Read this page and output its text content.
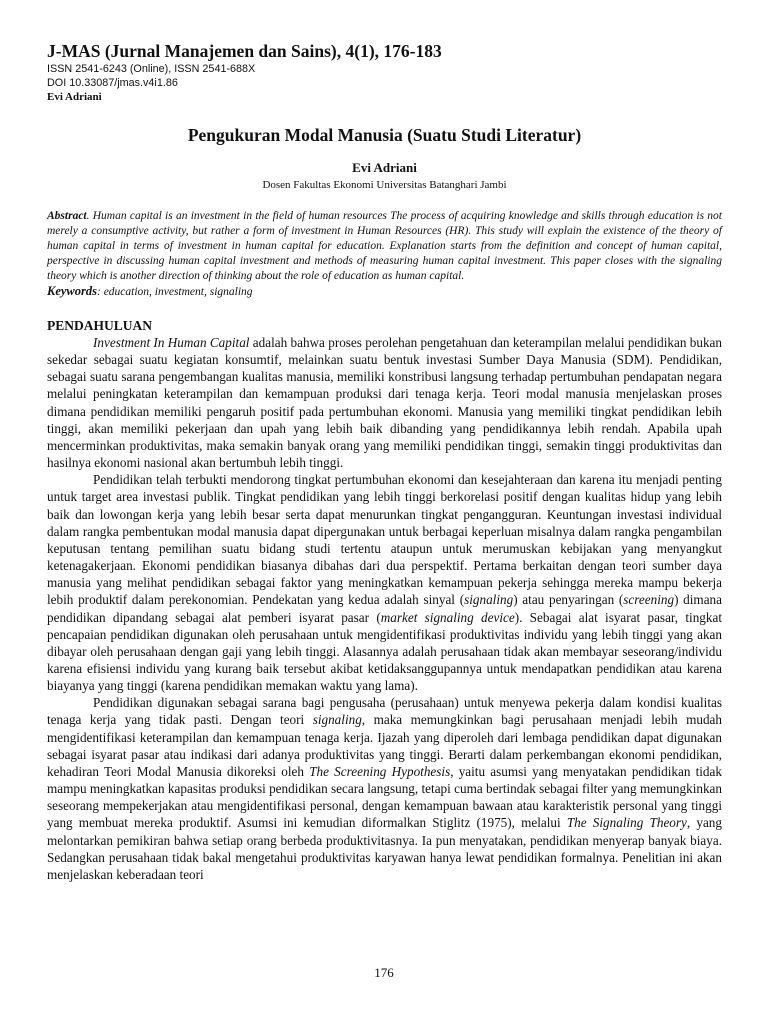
J-MAS (Jurnal Manajemen dan Sains), 4(1), 176-183
ISSN 2541-6243 (Online), ISSN 2541-688X
DOI 10.33087/jmas.v4i1.86
Evi Adriani
Pengukuran Modal Manusia (Suatu Studi Literatur)
Evi Adriani
Dosen Fakultas Ekonomi Universitas Batanghari Jambi
Abstract. Human capital is an investment in the field of human resources The process of acquiring knowledge and skills through education is not merely a consumptive activity, but rather a form of investment in Human Resources (HR). This study will explain the existence of the theory of human capital in terms of investment in human capital for education. Explanation starts from the definition and concept of human capital, perspective in discussing human capital investment and methods of measuring human capital investment. This paper closes with the signaling theory which is another direction of thinking about the role of education as human capital.
Keywords: education, investment, signaling
PENDAHULUAN

Investment In Human Capital adalah bahwa proses perolehan pengetahuan dan keterampilan melalui pendidikan bukan sekedar sebagai suatu kegiatan konsumtif, melainkan suatu bentuk investasi Sumber Daya Manusia (SDM). Pendidikan, sebagai suatu sarana pengembangan kualitas manusia, memiliki konstribusi langsung terhadap pertumbuhan pendapatan negara melalui peningkatan keterampilan dan kemampuan produksi dari tenaga kerja. Teori modal manusia menjelaskan proses dimana pendidikan memiliki pengaruh positif pada pertumbuhan ekonomi. Manusia yang memiliki tingkat pendidikan lebih tinggi, akan memiliki pekerjaan dan upah yang lebih baik dibanding yang pendidikannya lebih rendah. Apabila upah mencerminkan produktivitas, maka semakin banyak orang yang memiliki pendidikan tinggi, semakin tinggi produktivitas dan hasilnya ekonomi nasional akan bertumbuh lebih tinggi.

Pendidikan telah terbukti mendorong tingkat pertumbuhan ekonomi dan kesejahteraan dan karena itu menjadi penting untuk target area investasi publik. Tingkat pendidikan yang lebih tinggi berkorelasi positif dengan kualitas hidup yang lebih baik dan lowongan kerja yang lebih besar serta dapat menurunkan tingkat pengangguran. Keuntungan investasi individual dalam rangka pembentukan modal manusia dapat dipergunakan untuk berbagai keperluan misalnya dalam rangka pengambilan keputusan tentang pemilihan suatu bidang studi tertentu ataupun untuk merumuskan kebijakan yang menyangkut ketenagakerjaan. Ekonomi pendidikan biasanya dibahas dari dua perspektif. Pertama berkaitan dengan teori sumber daya manusia yang melihat pendidikan sebagai faktor yang meningkatkan kemampuan pekerja sehingga mereka mampu bekerja lebih produktif dalam perekonomian. Pendekatan yang kedua adalah sinyal (signaling) atau penyaringan (screening) dimana pendidikan dipandang sebagai alat pemberi isyarat pasar (market signaling device). Sebagai alat isyarat pasar, tingkat pencapaian pendidikan digunakan oleh perusahaan untuk mengidentifikasi produktivitas individu yang lebih tinggi yang akan dibayar oleh perusahaan dengan gaji yang lebih tinggi. Alasannya adalah perusahaan tidak akan membayar seseorang/individu karena efisiensi individu yang kurang baik tersebut akibat ketidaksanggupannya untuk mendapatkan pendidikan atau karena biayanya yang tinggi (karena pendidikan memakan waktu yang lama).

Pendidikan digunakan sebagai sarana bagi pengusaha (perusahaan) untuk menyewa pekerja dalam kondisi kualitas tenaga kerja yang tidak pasti. Dengan teori signaling, maka memungkinkan bagi perusahaan menjadi lebih mudah mengidentifikasi keterampilan dan kemampuan tenaga kerja. Ijazah yang diperoleh dari lembaga pendidikan dapat digunakan sebagai isyarat pasar atau indikasi dari adanya produktivitas yang tinggi. Berarti dalam perkembangan ekonomi pendidikan, kehadiran Teori Modal Manusia dikoreksi oleh The Screening Hypothesis, yaitu asumsi yang menyatakan pendidikan tidak mampu meningkatkan kapasitas produksi pendidikan secara langsung, tetapi cuma bertindak sebagai filter yang memungkinkan seseorang mempekerjakan atau mengidentifikasi personal, dengan kemampuan bawaan atau karakteristik personal yang tinggi yang membuat mereka produktif. Asumsi ini kemudian diformalkan Stiglitz (1975), melalui The Signaling Theory, yang melontarkan pemikiran bahwa setiap orang berbeda produktivitasnya. Ia pun menyatakan, pendidikan menyerap banyak biaya. Sedangkan perusahaan tidak bakal mengetahui produktivitas karyawan hanya lewat pendidikan formalnya. Penelitian ini akan menjelaskan keberadaan teori

176
